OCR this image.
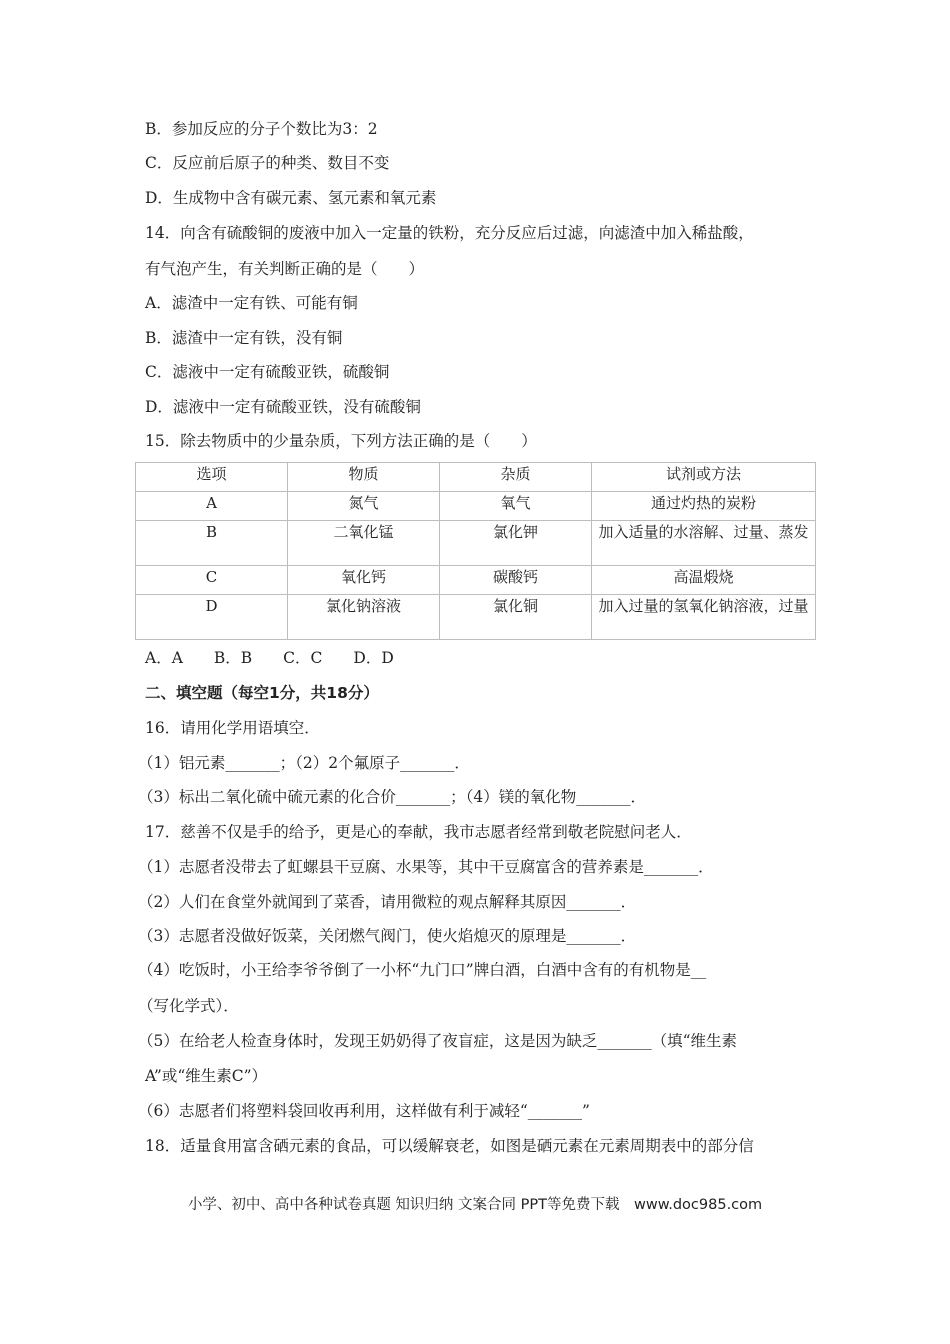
B．参加反应的分子个数比为3：2
C．反应前后原子的种类、数目不变
D．生成物中含有碳元素、氢元素和氧元素
14．向含有硫酸铜的废液中加入一定量的铁粉，充分反应后过滤，向滤渣中加入稀盐酸，
有气泡产生，有关判断正确的是（　　）
A．滤渣中一定有铁、可能有铜
B．滤渣中一定有铁，没有铜
C．滤液中一定有硫酸亚铁，硫酸铜
D．滤液中一定有硫酸亚铁，没有硫酸铜
15．除去物质中的少量杂质，下列方法正确的是（　　）
选项	物质	杂质	试剂或方法
A	氮气	氧气	通过灼热的炭粉
B	二氧化锰	氯化钾	加入适量的水溶解、过量、蒸发
C	氧化钙	碳酸钙	高温煅烧
D	氯化钠溶液	氯化铜	加入过量的氢氧化钠溶液，过量
A．A　　B．B　　C．C　　D．D
二、填空题（每空1分，共18分）
16．请用化学用语填空．
（1）铝元素_______；（2）2个氟原子_______．
（3）标出二氧化硫中硫元素的化合价_______；（4）镁的氧化物_______．
17．慈善不仅是手的给予，更是心的奉献，我市志愿者经常到敬老院慰问老人．
（1）志愿者没带去了虹螺县干豆腐、水果等，其中干豆腐富含的营养素是_______．
（2）人们在食堂外就闻到了菜香，请用微粒的观点解释其原因_______．
（3）志愿者没做好饭菜，关闭燃气阀门，使火焰熄灭的原理是_______．
（4）吃饭时，小王给李爷爷倒了一小杯“九门口”牌白酒，白酒中含有的有机物是__
（写化学式）．
（5）在给老人检查身体时，发现王奶奶得了夜盲症，这是因为缺乏_______（填“维生素
A”或“维生素C”）
（6）志愿者们将塑料袋回收再利用，这样做有利于减轻“_______”
18．适量食用富含硒元素的食品，可以缓解衰老，如图是硒元素在元素周期表中的部分信
小学、初中、高中各种试卷真题 知识归纳 文案合同 PPT等免费下载　www.doc985.com
